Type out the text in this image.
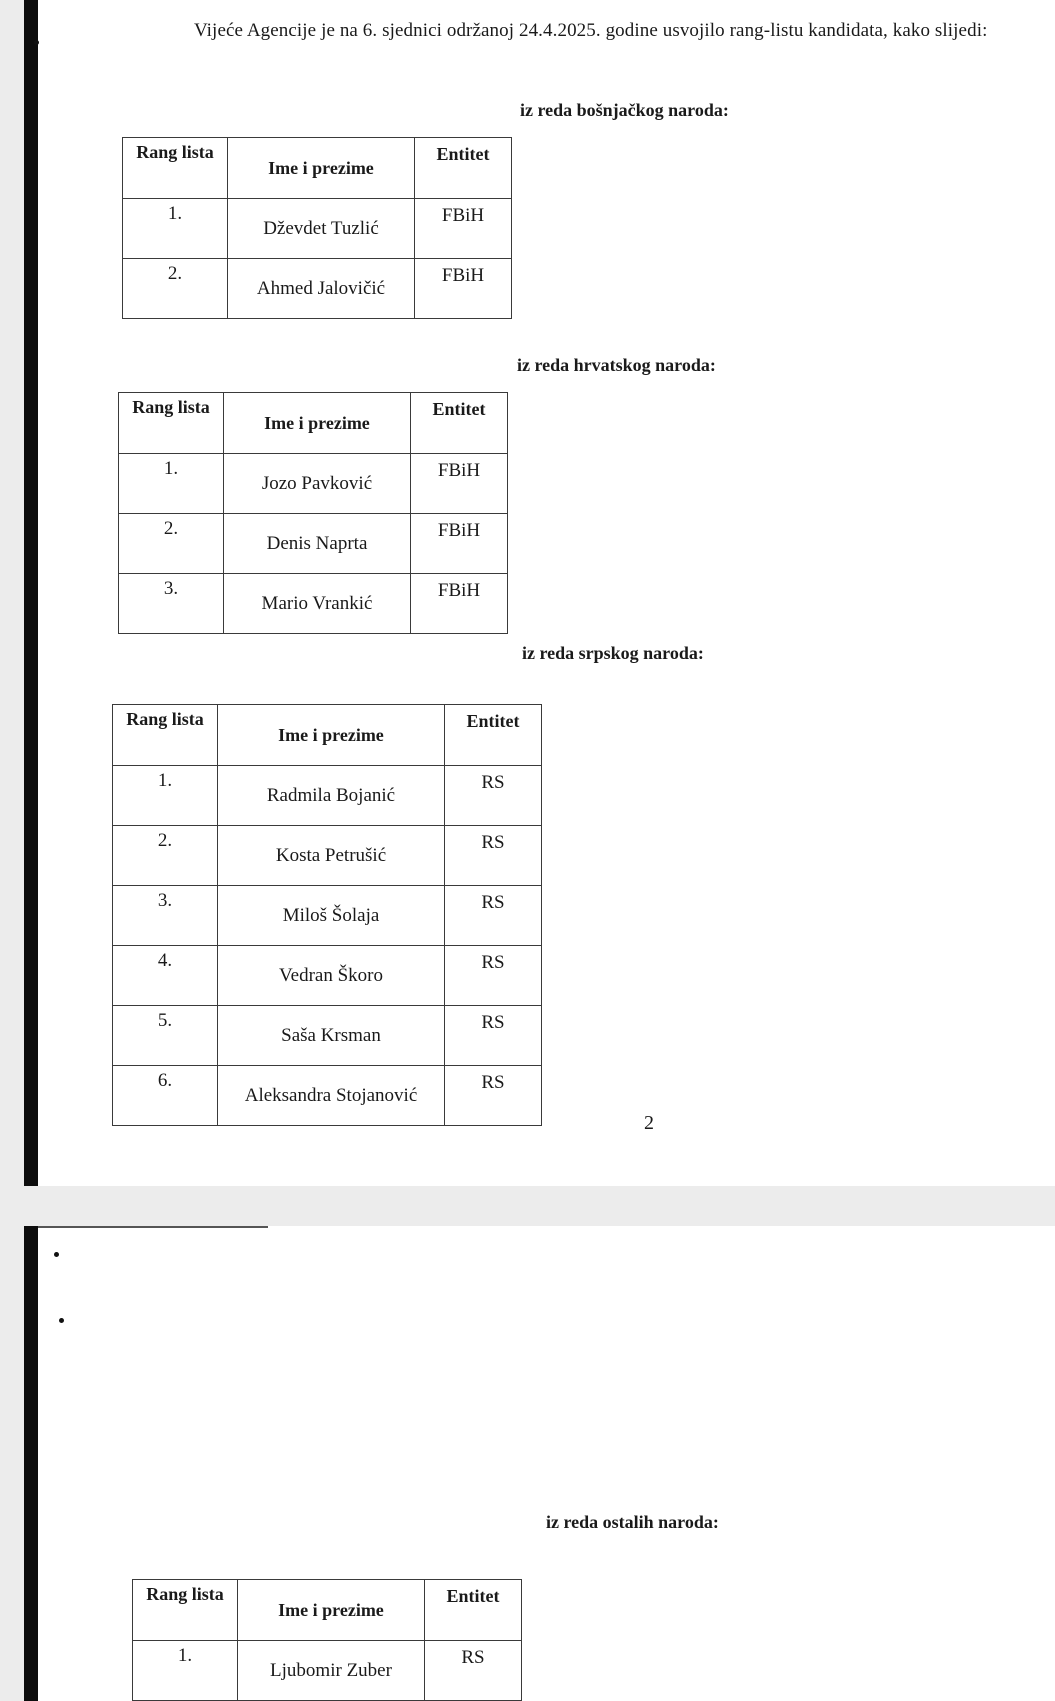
Vijeće Agencije je na 6. sjednici održanoj 24.4.2025. godine usvojilo rang-listu kandidata, kako slijedi:
iz reda bošnjačkog naroda:
Rang lista	Ime i prezime	Entitet
1.	Dževdet Tuzlić	FBiH
2.	Ahmed Jalovičić	FBiH
iz reda hrvatskog naroda:
Rang lista	Ime i prezime	Entitet
1.	Jozo Pavković	FBiH
2.	Denis Naprta	FBiH
3.	Mario Vrankić	FBiH
iz reda srpskog naroda:
Rang lista	Ime i prezime	Entitet
1.	Radmila Bojanić	RS
2.	Kosta Petrušić	RS
3.	Miloš Šolaja	RS
4.	Vedran Škoro	RS
5.	Saša Krsman	RS
6.	Aleksandra Stojanović	RS
2
iz reda ostalih naroda:
Rang lista	Ime i prezime	Entitet
1.	Ljubomir Zuber	RS
